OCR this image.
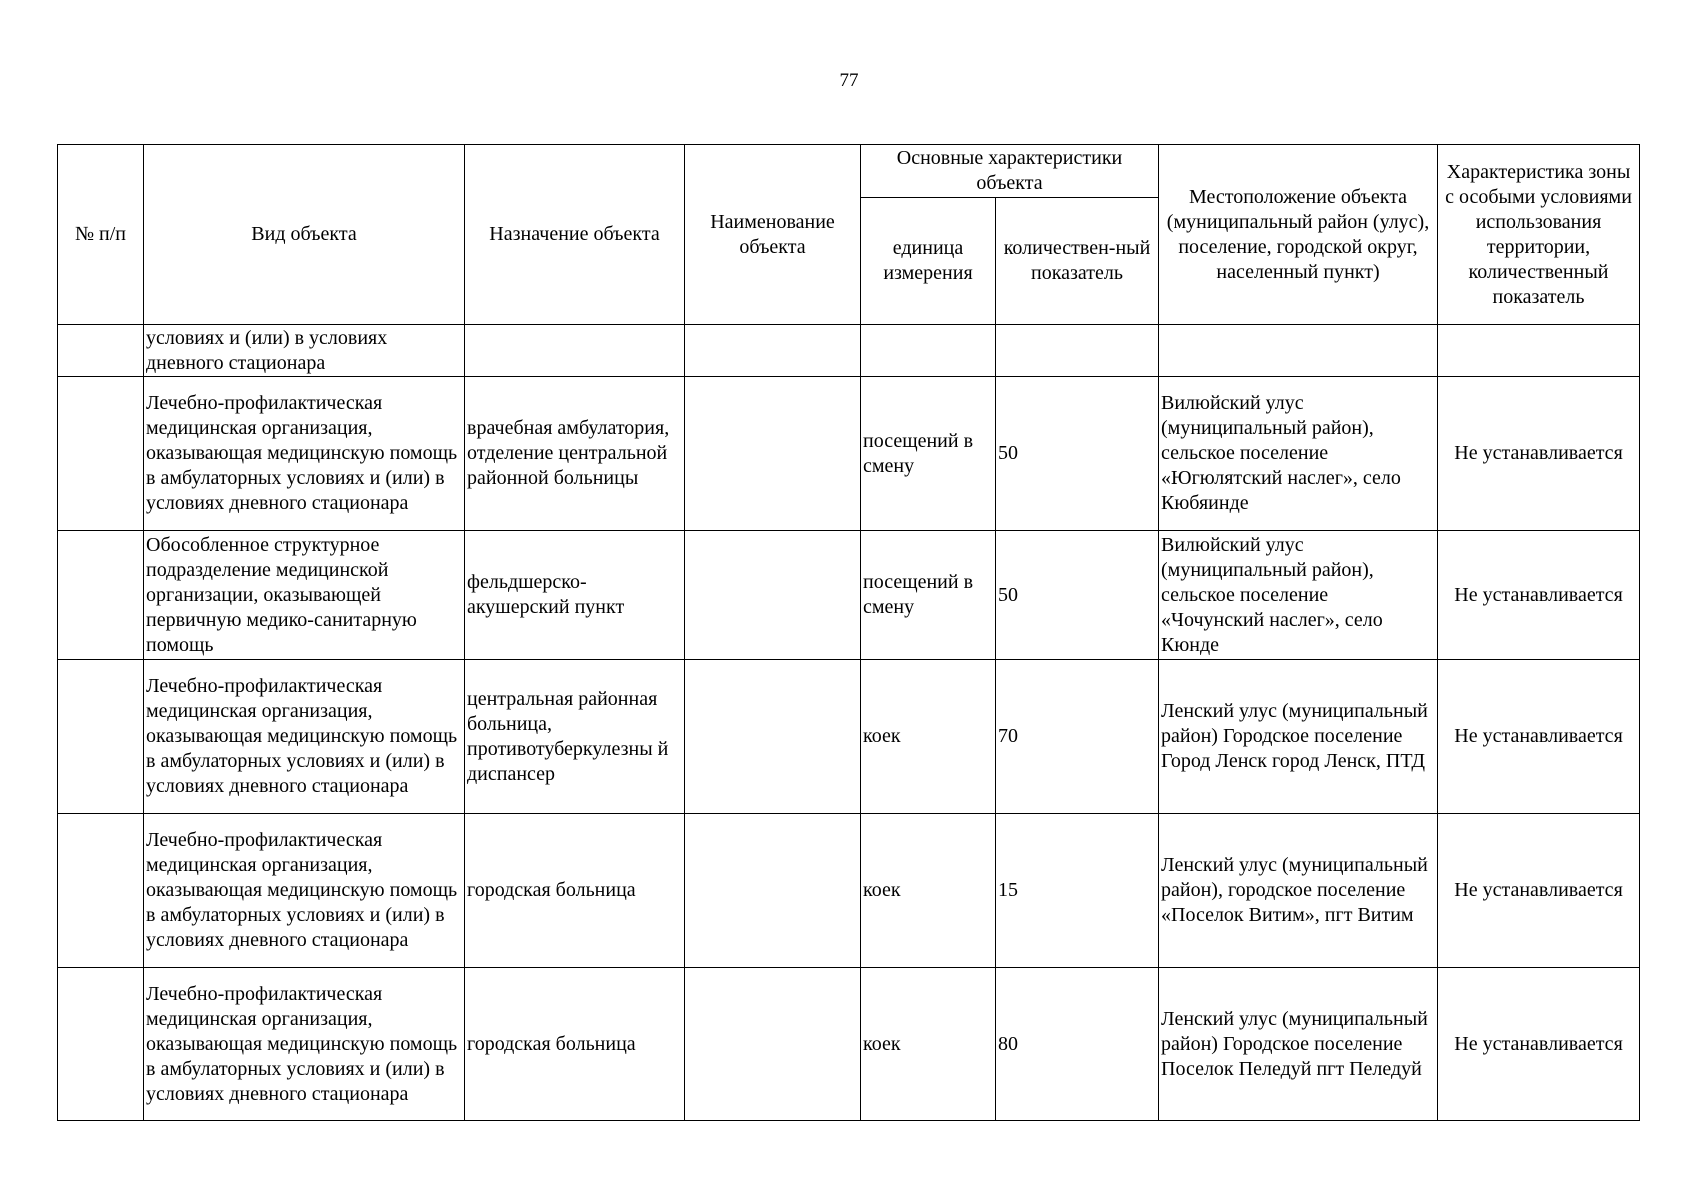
77
№ п/п	Вид объекта	Назначение объекта	Наименование объекта	Основные характеристики объекта		Местоположение объекта (муниципальный район (улус), поселение, городской округ, населенный пункт)	Характеристика зоны с особыми условиями использования территории, количественный показатель
				единица измерения	количествен-ный показатель		
	условиях и (или) в условиях дневного стационара						
	Лечебно-профилактическая медицинская организация, оказывающая медицинскую помощь в амбулаторных условиях и (или) в условиях дневного стационара	врачебная амбулатория, отделение центральной районной больницы		посещений в смену	50	Вилюйский улус (муниципальный район), сельское поселение «Югюлятский наслег», село Кюбяинде	Не устанавливается
	Обособленное структурное подразделение медицинской организации, оказывающей первичную медико-санитарную помощь	фельдшерско-акушерский пункт		посещений в смену	50	Вилюйский улус (муниципальный район), сельское поселение «Чочунский наслег», село Кюнде	Не устанавливается
	Лечебно-профилактическая медицинская организация, оказывающая медицинскую помощь в амбулаторных условиях и (или) в условиях дневного стационара	центральная районная больница, противотуберкулезны й диспансер		коек	70	Ленский улус (муниципальный район) Городское поселение Город Ленск город Ленск, ПТД	Не устанавливается
	Лечебно-профилактическая медицинская организация, оказывающая медицинскую помощь в амбулаторных условиях и (или) в условиях дневного стационара	городская больница		коек	15	Ленский улус (муниципальный район), городское поселение «Поселок Витим», пгт Витим	Не устанавливается
	Лечебно-профилактическая медицинская организация, оказывающая медицинскую помощь в амбулаторных условиях и (или) в условиях дневного стационара	городская больница		коек	80	Ленский улус (муниципальный район) Городское поселение Поселок Пеледуй пгт Пеледуй	Не устанавливается
